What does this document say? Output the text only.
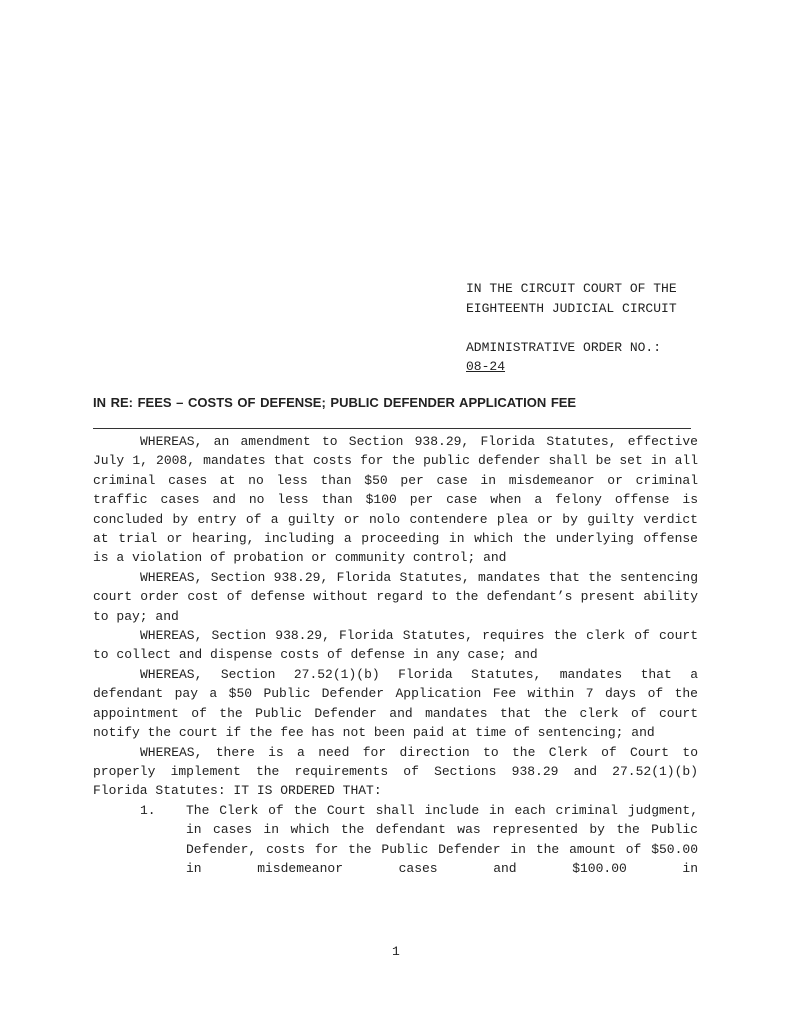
IN THE CIRCUIT COURT OF THE
EIGHTEENTH JUDICIAL CIRCUIT
ADMINISTRATIVE ORDER NO.:
08-24
IN RE: FEES – COSTS OF DEFENSE; PUBLIC DEFENDER APPLICATION FEE

WHEREAS, an amendment to Section 938.29, Florida Statutes, effective July 1, 2008, mandates that costs for the public defender shall be set in all criminal cases at no less than $50 per case in misdemeanor or criminal traffic cases and no less than $100 per case when a felony offense is concluded by entry of a guilty or nolo contendere plea or by guilty verdict at trial or hearing, including a proceeding in which the underlying offense is a violation of probation or community control; and

WHEREAS, Section 938.29, Florida Statutes, mandates that the sentencing court order cost of defense without regard to the defendant’s present ability to pay; and

WHEREAS, Section 938.29, Florida Statutes, requires the clerk of court to collect and dispense costs of defense in any case; and

WHEREAS, Section 27.52(1)(b) Florida Statutes, mandates that a defendant pay a $50 Public Defender Application Fee within 7 days of the appointment of the Public Defender and mandates that the clerk of court notify the court if the fee has not been paid at time of sentencing; and

WHEREAS, there is a need for direction to the Clerk of Court to properly implement the requirements of Sections 938.29 and 27.52(1)(b) Florida Statutes: IT IS ORDERED THAT:

1. The Clerk of the Court shall include in each criminal judgment, in cases in which the defendant was represented by the Public Defender, costs for the Public Defender in the amount of $50.00 in misdemeanor cases and $100.00 in
1
